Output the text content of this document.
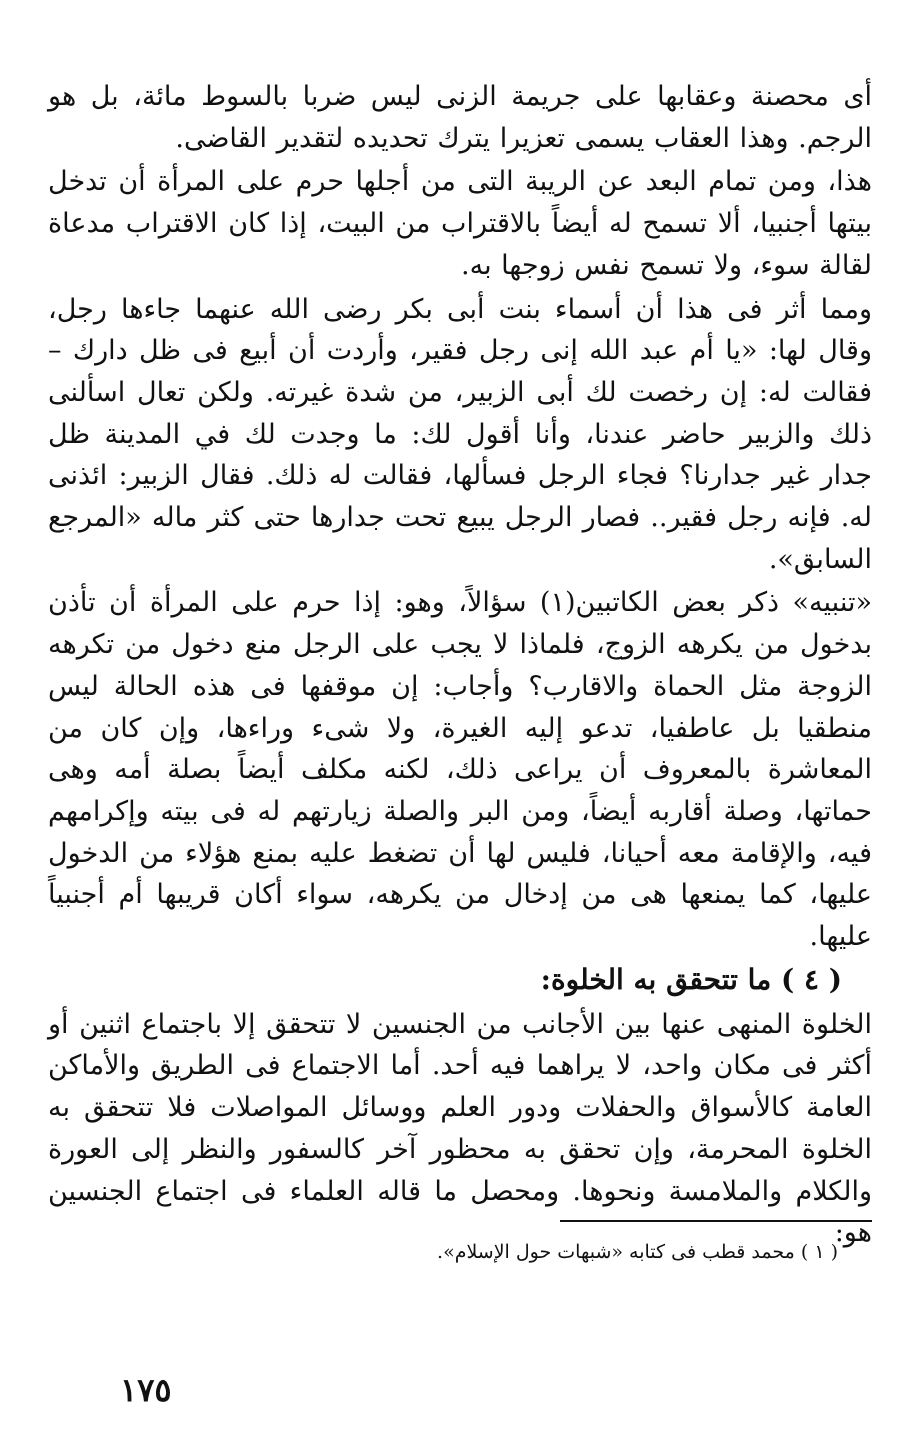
أى محصنة وعقابها على جريمة الزنى ليس ضربا بالسوط مائة، بل هو الرجم. وهذا العقاب يسمى تعزيرا يترك تحديده لتقدير القاضى.

هذا، ومن تمام البعد عن الريبة التى من أجلها حرم على المرأة أن تدخل بيتها أجنبيا، ألا تسمح له أيضاً بالاقتراب من البيت، إذا كان الاقتراب مدعاة لقالة سوء، ولا تسمح نفس زوجها به.

ومما أثر فى هذا أن أسماء بنت أبى بكر رضى الله عنهما جاءها رجل، وقال لها: «يا أم عبد الله إنى رجل فقير، وأردت أن أبيع فى ظل دارك – فقالت له: إن رخصت لك أبى الزبير، من شدة غيرته. ولكن تعال اسألنى ذلك والزبير حاضر عندنا، وأنا أقول لك: ما وجدت لك في المدينة ظل جدار غير جدارنا؟ فجاء الرجل فسألها، فقالت له ذلك. فقال الزبير: ائذنى له. فإنه رجل فقير.. فصار الرجل يبيع تحت جدارها حتى كثر ماله «المرجع السابق».

«تنبيه» ذكر بعض الكاتبين(١) سؤالاً، وهو: إذا حرم على المرأة أن تأذن بدخول من يكرهه الزوج، فلماذا لا يجب على الرجل منع دخول من تكرهه الزوجة مثل الحماة والاقارب؟ وأجاب: إن موقفها فى هذه الحالة ليس منطقيا بل عاطفيا، تدعو إليه الغيرة، ولا شىء وراءها، وإن كان من المعاشرة بالمعروف أن يراعى ذلك، لكنه مكلف أيضاً بصلة أمه وهى حماتها، وصلة أقاربه أيضاً، ومن البر والصلة زيارتهم له فى بيته وإكرامهم فيه، والإقامة معه أحيانا، فليس لها أن تضغط عليه بمنع هؤلاء من الدخول عليها، كما يمنعها هى من إدخال من يكرهه، سواء أكان قريبها أم أجنبياً عليها.

( ٤ ) ما تتحقق به الخلوة:

الخلوة المنهى عنها بين الأجانب من الجنسين لا تتحقق إلا باجتماع اثنين أو أكثر فى مكان واحد، لا يراهما فيه أحد. أما الاجتماع فى الطريق والأماكن العامة كالأسواق والحفلات ودور العلم ووسائل المواصلات فلا تتحقق به الخلوة المحرمة، وإن تحقق به محظور آخر كالسفور والنظر إلى العورة والكلام والملامسة ونحوها. ومحصل ما قاله العلماء فى اجتماع الجنسين هو:

( ١ ) محمد قطب فى كتابه «شبهات حول الإسلام».
١٧٥
